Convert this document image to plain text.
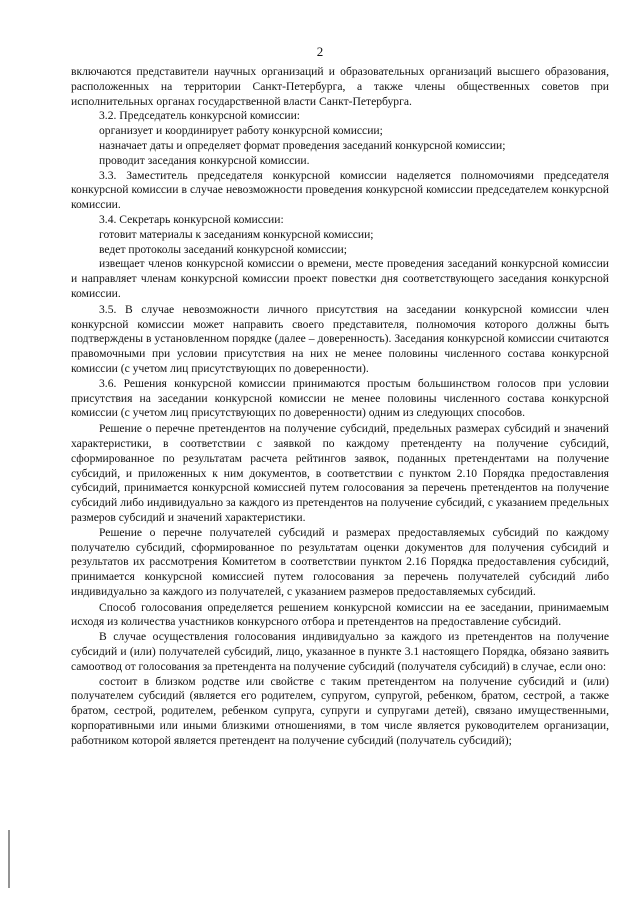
2

включаются представители научных организаций и образовательных организаций высшего образования, расположенных на территории Санкт-Петербурга, а также члены общественных советов при исполнительных органах государственной власти Санкт-Петербурга.

3.2. Председатель конкурсной комиссии:

организует и координирует работу конкурсной комиссии;

назначает даты и определяет формат проведения заседаний конкурсной комиссии;

проводит заседания конкурсной комиссии.

3.3. Заместитель председателя конкурсной комиссии наделяется полномочиями председателя конкурсной комиссии в случае невозможности проведения конкурсной комиссии председателем конкурсной комиссии.

3.4. Секретарь конкурсной комиссии:

готовит материалы к заседаниям конкурсной комиссии;

ведет протоколы заседаний конкурсной комиссии;

извещает членов конкурсной комиссии о времени, месте проведения заседаний конкурсной комиссии и направляет членам конкурсной комиссии проект повестки дня соответствующего заседания конкурсной комиссии.

3.5. В случае невозможности личного присутствия на заседании конкурсной комиссии член конкурсной комиссии может направить своего представителя, полномочия которого должны быть подтверждены в установленном порядке (далее – доверенность). Заседания конкурсной комиссии считаются правомочными при условии присутствия на них не менее половины численного состава конкурсной комиссии (с учетом лиц присутствующих по доверенности).

3.6. Решения конкурсной комиссии принимаются простым большинством голосов при условии присутствия на заседании конкурсной комиссии не менее половины численного состава конкурсной комиссии (с учетом лиц присутствующих по доверенности) одним из следующих способов.

Решение о перечне претендентов на получение субсидий, предельных размерах субсидий и значений характеристики, в соответствии с заявкой по каждому претенденту на получение субсидий, сформированное по результатам расчета рейтингов заявок, поданных претендентами на получение субсидий, и приложенных к ним документов, в соответствии с пунктом 2.10 Порядка предоставления субсидий, принимается конкурсной комиссией путем голосования за перечень претендентов на получение субсидий либо индивидуально за каждого из претендентов на получение субсидий, с указанием предельных размеров субсидий и значений характеристики.

Решение о перечне получателей субсидий и размерах предоставляемых субсидий по каждому получателю субсидий, сформированное по результатам оценки документов для получения субсидий и результатов их рассмотрения Комитетом в соответствии пунктом 2.16 Порядка предоставления субсидий, принимается конкурсной комиссией путем голосования за перечень получателей субсидий либо индивидуально за каждого из получателей, с указанием размеров предоставляемых субсидий.

Способ голосования определяется решением конкурсной комиссии на ее заседании, принимаемым исходя из количества участников конкурсного отбора и претендентов на предоставление субсидий.

В случае осуществления голосования индивидуально за каждого из претендентов на получение субсидий и (или) получателей субсидий, лицо, указанное в пункте 3.1 настоящего Порядка, обязано заявить самоотвод от голосования за претендента на получение субсидий (получателя субсидий) в случае, если оно:

состоит в близком родстве или свойстве с таким претендентом на получение субсидий и (или) получателем субсидий (является его родителем, супругом, супругой, ребенком, братом, сестрой, а также братом, сестрой, родителем, ребенком супруга, супруги и супругами детей), связано имущественными, корпоративными или иными близкими отношениями, в том числе является руководителем организации, работником которой является претендент на получение субсидий (получатель субсидий);
